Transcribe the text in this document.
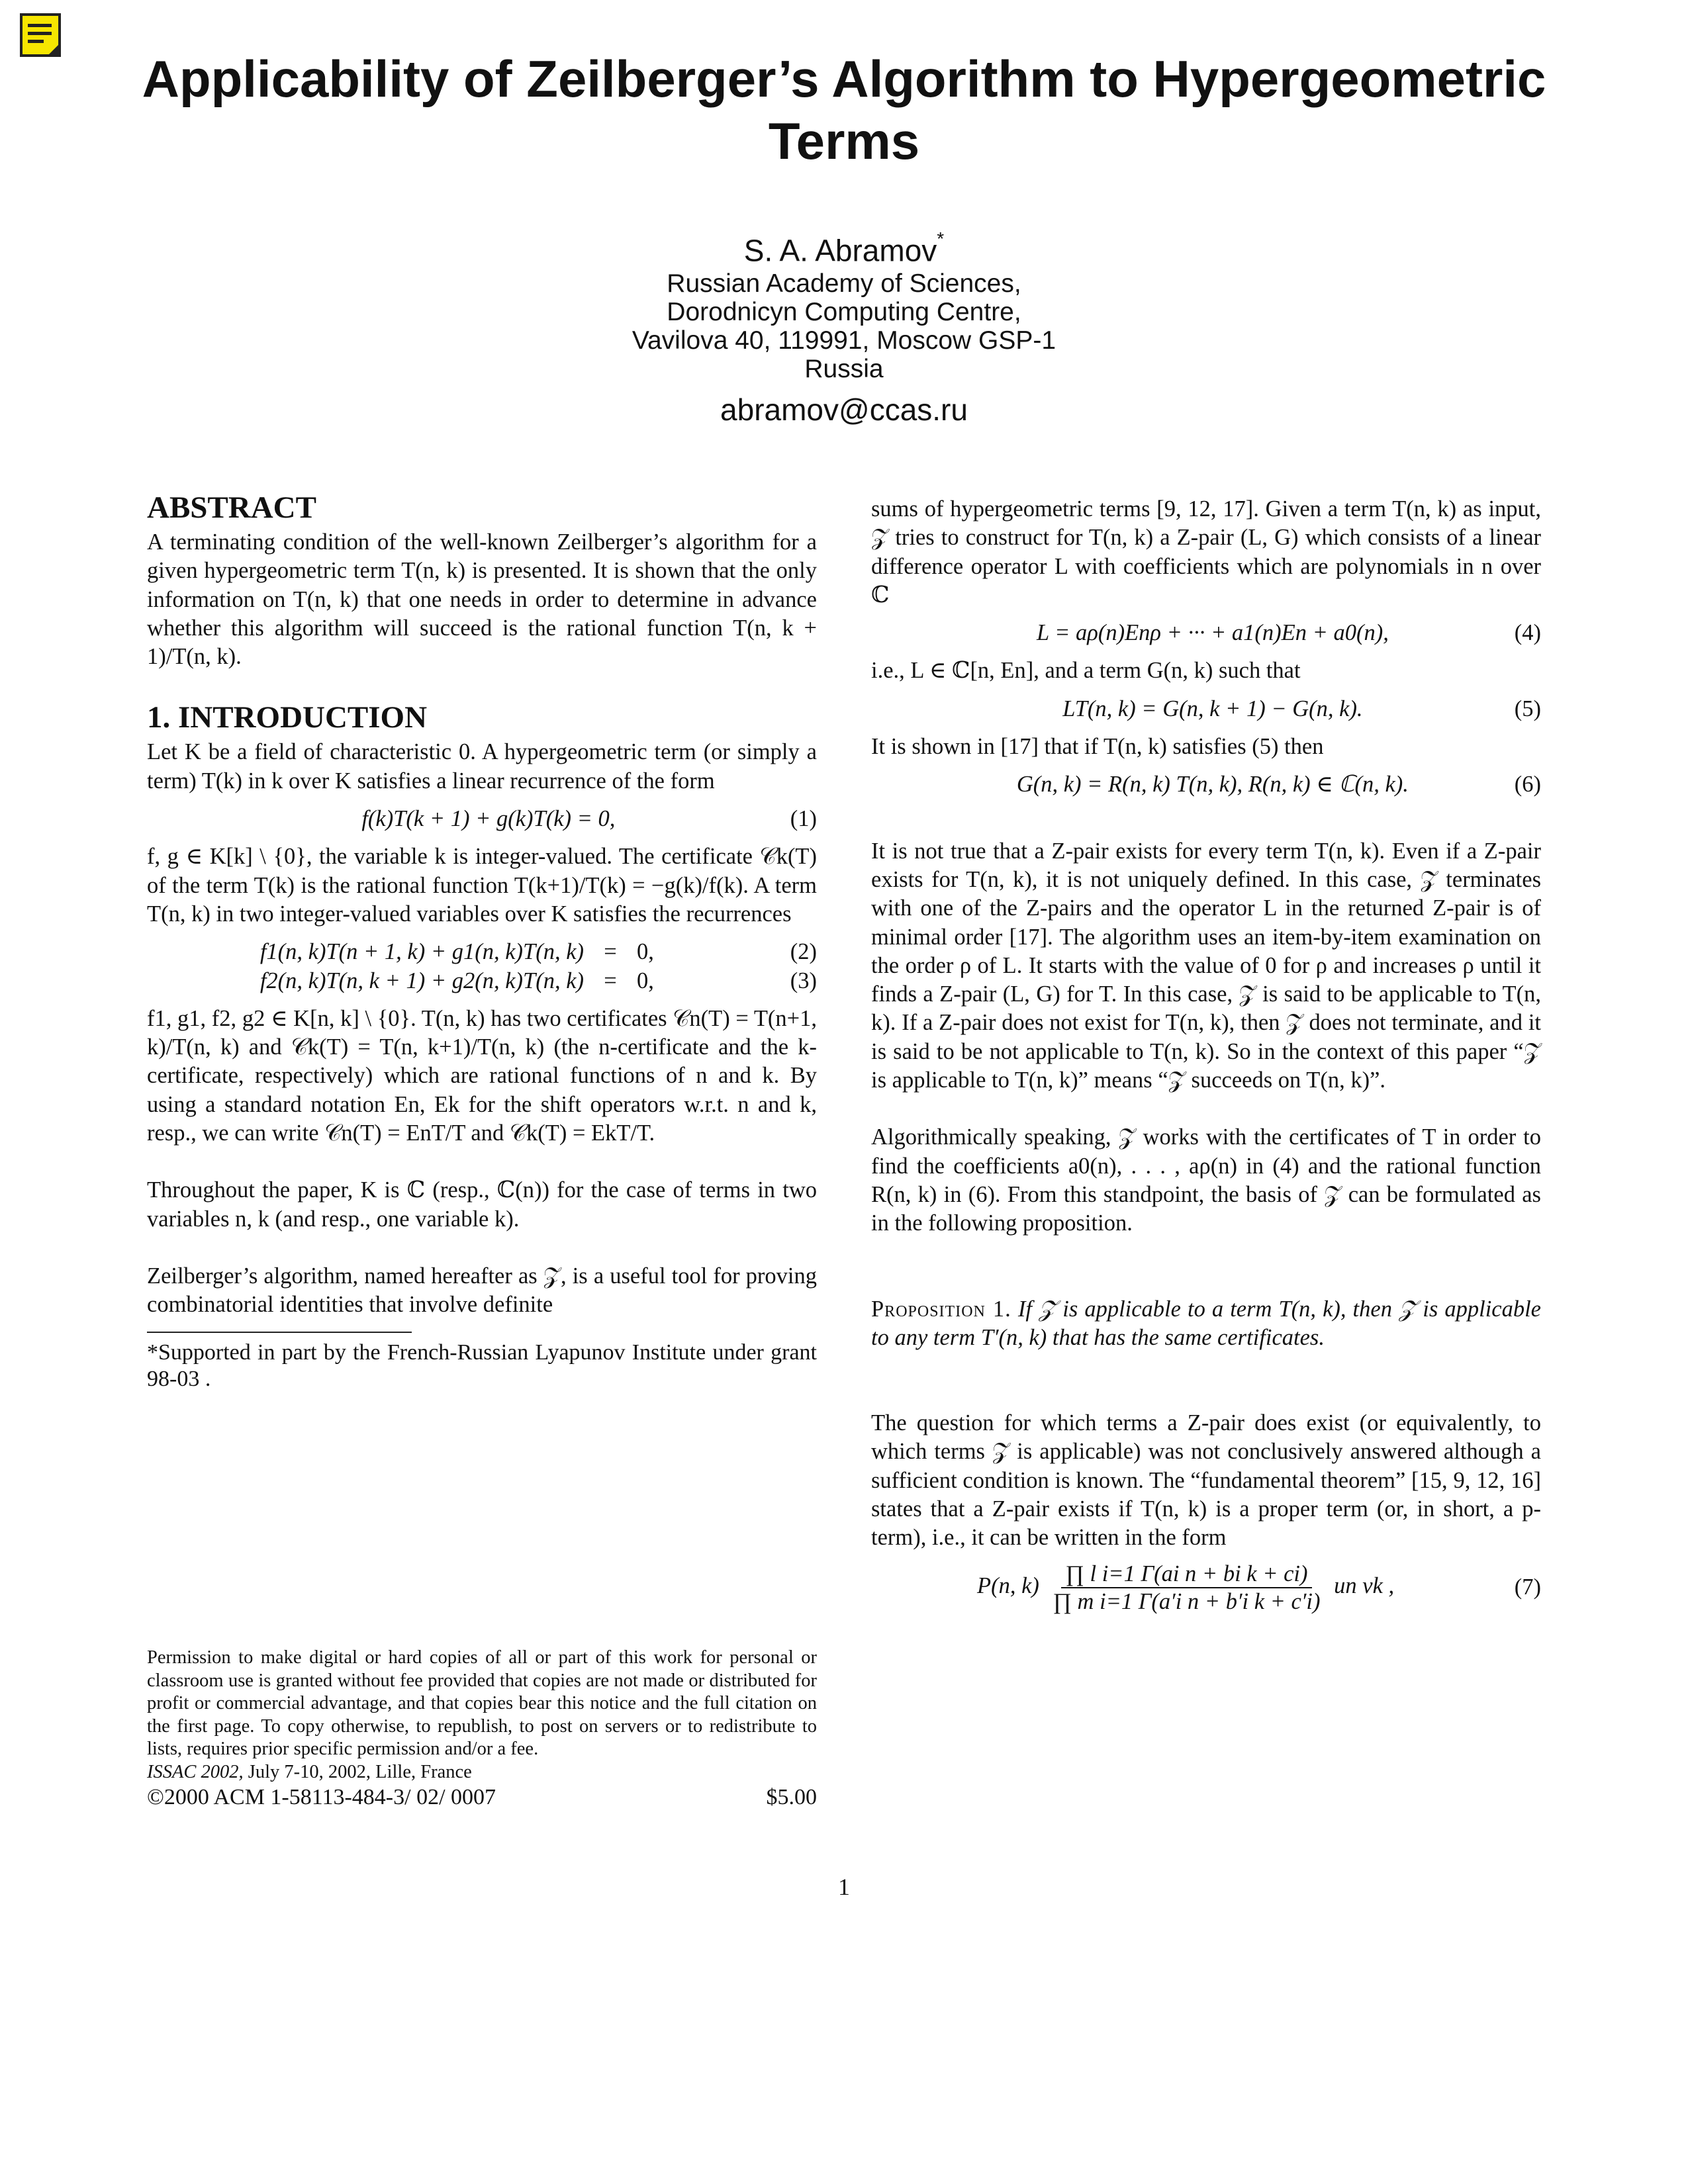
Applicability of Zeilberger’s Algorithm to Hypergeometric Terms
S. A. Abramov*
Russian Academy of Sciences,
Dorodnicyn Computing Centre,
Vavilova 40, 119991, Moscow GSP-1
Russia
abramov@ccas.ru
ABSTRACT

A terminating condition of the well-known Zeilberger’s algorithm for a given hypergeometric term T(n, k) is presented. It is shown that the only information on T(n, k) that one needs in order to determine in advance whether this algorithm will succeed is the rational function T(n, k + 1)/T(n, k).

1. INTRODUCTION

Let K be a field of characteristic 0. A hypergeometric term (or simply a term) T(k) in k over K satisfies a linear recurrence of the form

f(k)T(k + 1) + g(k)T(k) = 0,	(1)

f, g ∈ K[k] \ {0}, the variable k is integer-valued. The certificate 𝒞k(T) of the term T(k) is the rational function T(k+1)/T(k) = −g(k)/f(k). A term T(n, k) in two integer-valued variables over K satisfies the recurrences

f1(n, k)T(n + 1, k) + g1(n, k)T(n, k) = 0,	(2)
f2(n, k)T(n, k + 1) + g2(n, k)T(n, k) = 0,	(3)

f1, g1, f2, g2 ∈ K[n, k] \ {0}. T(n, k) has two certificates 𝒞n(T) = T(n+1, k)/T(n, k) and 𝒞k(T) = T(n, k+1)/T(n, k) (the n-certificate and the k-certificate, respectively) which are rational functions of n and k. By using a standard notation En, Ek for the shift operators w.r.t. n and k, resp., we can write 𝒞n(T) = EnT/T and 𝒞k(T) = EkT/T.

Throughout the paper, K is ℂ (resp., ℂ(n)) for the case of terms in two variables n, k (and resp., one variable k).

Zeilberger’s algorithm, named hereafter as 𝒵, is a useful tool for proving combinatorial identities that involve definite

*Supported in part by the French-Russian Lyapunov Institute under grant 98-03 .

Permission to make digital or hard copies of all or part of this work for personal or classroom use is granted without fee provided that copies are not made or distributed for profit or commercial advantage, and that copies bear this notice and the full citation on the first page. To copy otherwise, to republish, to post on servers or to redistribute to lists, requires prior specific permission and/or a fee.

ISSAC 2002, July 7-10, 2002, Lille, France

©2000 ACM 1-58113-484-3/ 02/ 0007	$5.00

sums of hypergeometric terms [9, 12, 17]. Given a term T(n, k) as input, 𝒵 tries to construct for T(n, k) a Z-pair (L, G) which consists of a linear difference operator L with coefficients which are polynomials in n over ℂ

L = aρ(n)Enρ + ··· + a1(n)En + a0(n),	(4)

i.e., L ∈ ℂ[n, En], and a term G(n, k) such that

LT(n, k) = G(n, k + 1) − G(n, k).	(5)

It is shown in [17] that if T(n, k) satisfies (5) then

G(n, k) = R(n, k) T(n, k), R(n, k) ∈ ℂ(n, k).	(6)

It is not true that a Z-pair exists for every term T(n, k). Even if a Z-pair exists for T(n, k), it is not uniquely defined. In this case, 𝒵 terminates with one of the Z-pairs and the operator L in the returned Z-pair is of minimal order [17]. The algorithm uses an item-by-item examination on the order ρ of L. It starts with the value of 0 for ρ and increases ρ until it finds a Z-pair (L, G) for T. In this case, 𝒵 is said to be applicable to T(n, k). If a Z-pair does not exist for T(n, k), then 𝒵 does not terminate, and it is said to be not applicable to T(n, k). So in the context of this paper “𝒵 is applicable to T(n, k)” means “𝒵 succeeds on T(n, k)”.

Algorithmically speaking, 𝒵 works with the certificates of T in order to find the coefficients a0(n), . . . , aρ(n) in (4) and the rational function R(n, k) in (6). From this standpoint, the basis of 𝒵 can be formulated as in the following proposition.

Proposition 1. If 𝒵 is applicable to a term T(n, k), then 𝒵 is applicable to any term T′(n, k) that has the same certificates.

The question for which terms a Z-pair does exist (or equivalently, to which terms 𝒵 is applicable) was not conclusively answered although a sufficient condition is known. The “fundamental theorem” [15, 9, 12, 16] states that a Z-pair exists if T(n, k) is a proper term (or, in short, a p-term), i.e., it can be written in the form

P(n, $k) \frac{\text{∏ l i=1 Γ(ai n + bi k + ci)}}{\text{∏ m i=1 Γ(a′i n + b′i k + c′i)}}$ un vk ,	(7)
1
